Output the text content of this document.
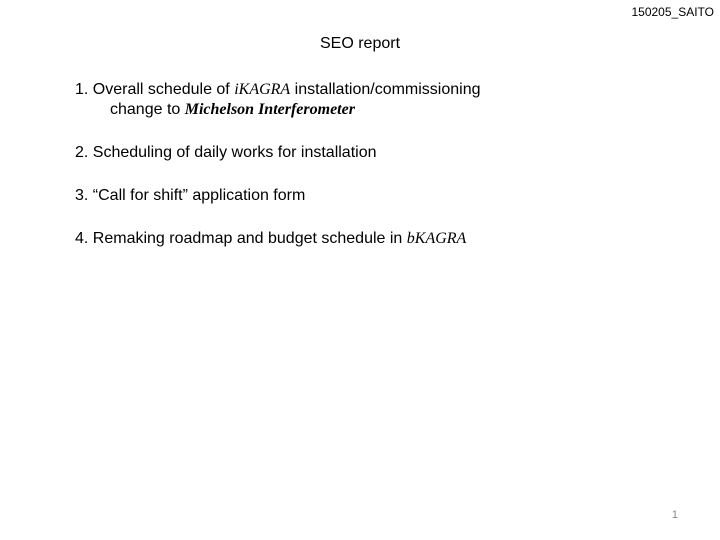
150205_SAITO
SEO report
1. Overall schedule of iKAGRA installation/commissioning
change to Michelson Interferometer
2. Scheduling of daily works for installation
3. “Call for shift” application form
4. Remaking roadmap and budget schedule in bKAGRA
1
